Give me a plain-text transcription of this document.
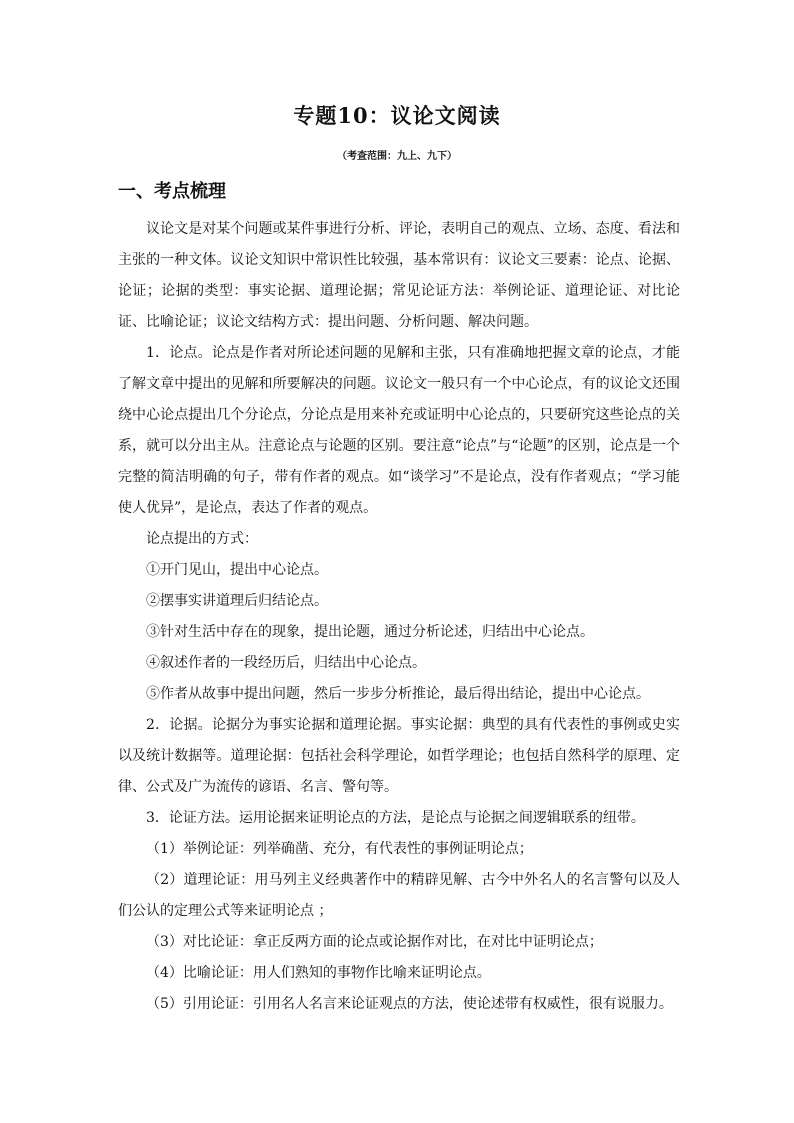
专题10：议论文阅读
（考查范围：九上、九下）
一、考点梳理

议论文是对某个问题或某件事进行分析、评论，表明自己的观点、立场、态度、看法和主张的一种文体。议论文知识中常识性比较强，基本常识有：议论文三要素：论点、论据、论证；论据的类型：事实论据、道理论据；常见论证方法：举例论证、道理论证、对比论证、比喻论证；议论文结构方式：提出问题、分析问题、解决问题。

1．论点。论点是作者对所论述问题的见解和主张，只有准确地把握文章的论点，才能了解文章中提出的见解和所要解决的问题。议论文一般只有一个中心论点，有的议论文还围绕中心论点提出几个分论点，分论点是用来补充或证明中心论点的，只要研究这些论点的关系，就可以分出主从。注意论点与论题的区别。要注意“论点”与“论题”的区别，论点是一个完整的简洁明确的句子，带有作者的观点。如“谈学习”不是论点，没有作者观点；“学习能使人优异”，是论点，表达了作者的观点。

论点提出的方式：

①开门见山，提出中心论点。

②摆事实讲道理后归结论点。

③针对生活中存在的现象，提出论题，通过分析论述，归结出中心论点。

④叙述作者的一段经历后，归结出中心论点。

⑤作者从故事中提出问题，然后一步步分析推论，最后得出结论，提出中心论点。

2．论据。论据分为事实论据和道理论据。事实论据：典型的具有代表性的事例或史实以及统计数据等。道理论据：包括社会科学理论，如哲学理论；也包括自然科学的原理、定律、公式及广为流传的谚语、名言、警句等。

3．论证方法。运用论据来证明论点的方法，是论点与论据之间逻辑联系的纽带。

（1）举例论证：列举确凿、充分，有代表性的事例证明论点；

（2）道理论证：用马列主义经典著作中的精辟见解、古今中外名人的名言警句以及人们公认的定理公式等来证明论点 ；

（3）对比论证：拿正反两方面的论点或论据作对比，在对比中证明论点；

（4）比喻论证：用人们熟知的事物作比喻来证明论点。

（5）引用论证：引用名人名言来论证观点的方法，使论述带有权威性，很有说服力。
